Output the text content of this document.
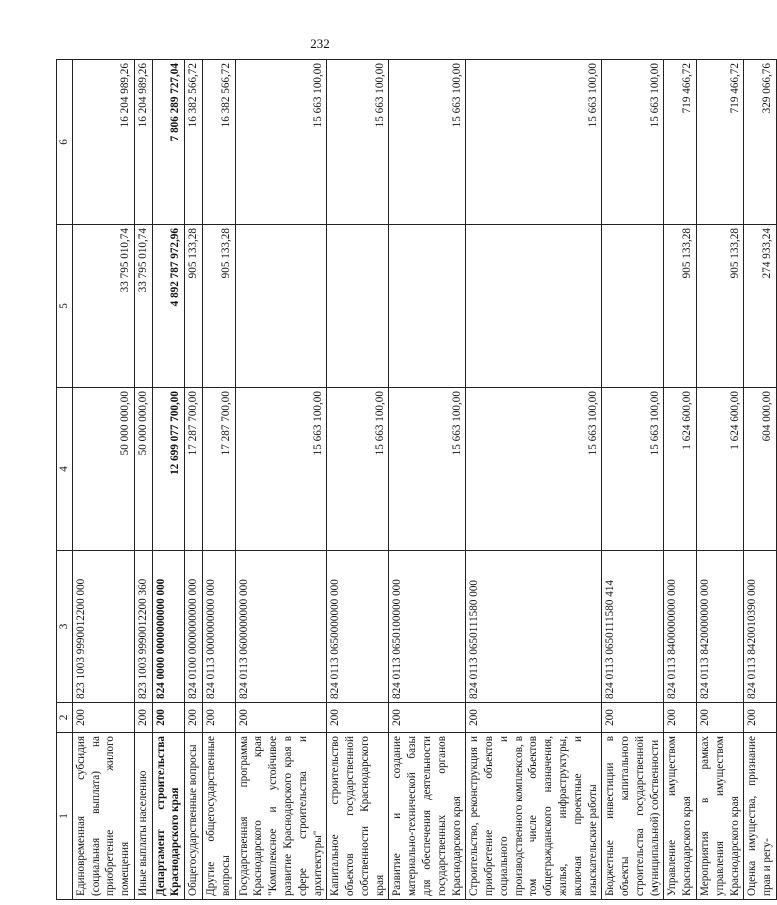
232
1	2	3	4	5	6
Единовременная субсидия (социальная выплата) на приобретение жилого помещения	200	823 1003 9990012200 000	50 000 000,00	33 795 010,74	16 204 989,26
Иные выплаты населению	200	823 1003 9990012200 360	50 000 000,00	33 795 010,74	16 204 989,26
Департамент строительства Краснодарского края	200	824 0000 0000000000 000	12 699 077 700,00	4 892 787 972,96	7 806 289 727,04
Общегосударственные вопросы	200	824 0100 0000000000 000	17 287 700,00	905 133,28	16 382 566,72
Другие общегосударственные вопросы	200	824 0113 0000000000 000	17 287 700,00	905 133,28	16 382 566,72
Государственная программа Краснодарского края "Комплексное и устойчивое развитие Краснодарского края в сфере строительства и архитектуры"	200	824 0113 0600000000 000	15 663 100,00		15 663 100,00
Капитальное строительство объектов государственной собственности Краснодарского края	200	824 0113 0650000000 000	15 663 100,00		15 663 100,00
Развитие и создание материально-технической базы для обеспечения деятельности государственных органов Краснодарского края	200	824 0113 0650100000 000	15 663 100,00		15 663 100,00
Строительство, реконструкция и приобретение объектов социального и производственного комплексов, в том числе объектов общегражданского назначения, жилья, инфраструктуры, включая проектные и изыскательские работы	200	824 0113 0650111580 000	15 663 100,00		15 663 100,00
Бюджетные инвестиции в объекты капитального строительства государственной (муниципальной) собственности	200	824 0113 0650111580 414	15 663 100,00		15 663 100,00
Управление имуществом Краснодарского края	200	824 0113 8400000000 000	1 624 600,00	905 133,28	719 466,72
Мероприятия в рамках управления имуществом Краснодарского края	200	824 0113 8420000000 000	1 624 600,00	905 133,28	719 466,72
Оценка имущества, признание прав и регу-	200	824 0113 8420010390 000	604 000,00	274 933,24	329 066,76
